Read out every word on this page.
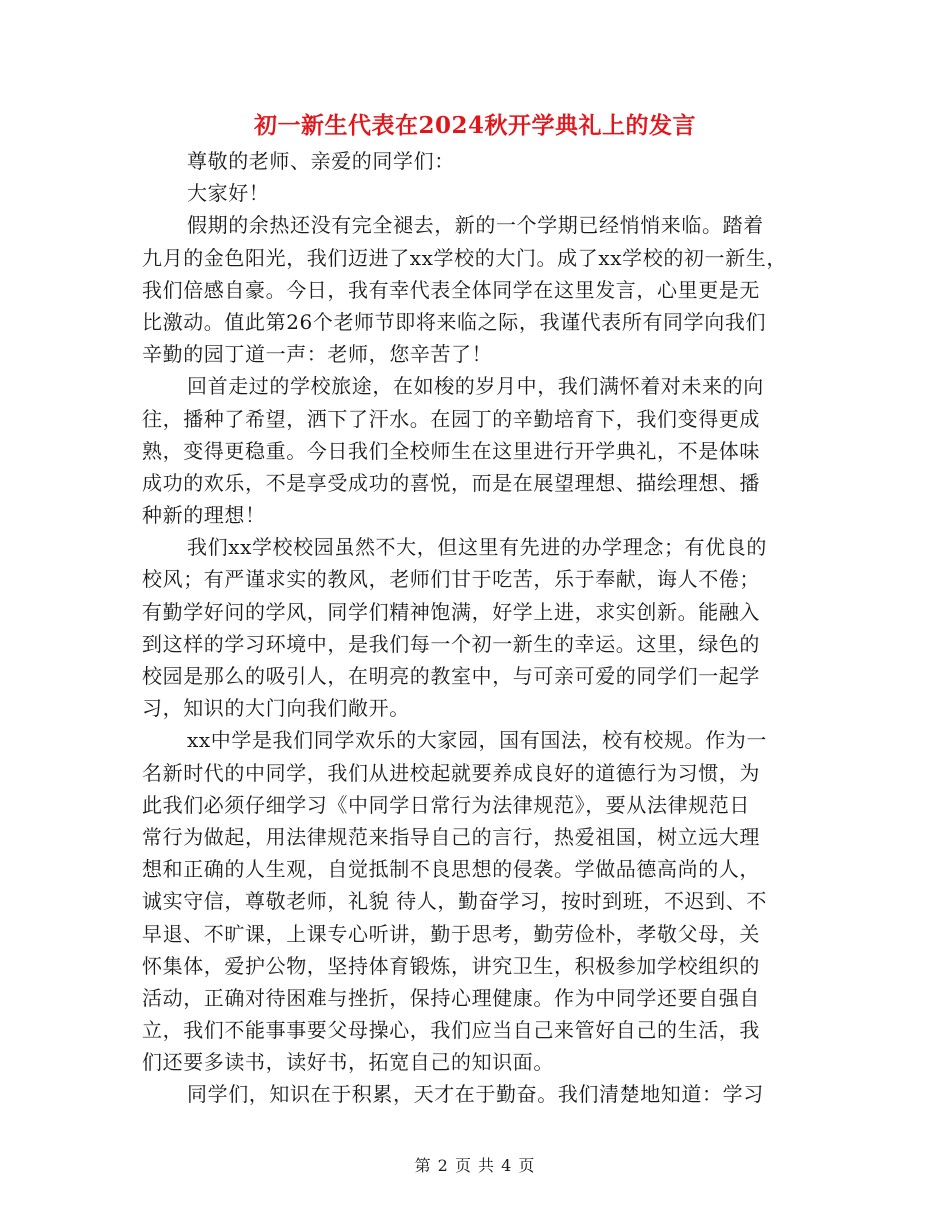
初一新生代表在2024秋开学典礼上的发言
尊敬的老师、亲爱的同学们：
大家好！
假期的余热还没有完全褪去，新的一个学期已经悄悄来临。踏着
九月的金色阳光，我们迈进了xx学校的大门。成了xx学校的初一新生，
我们倍感自豪。今日，我有幸代表全体同学在这里发言，心里更是无
比激动。值此第26个老师节即将来临之际，我谨代表所有同学向我们
辛勤的园丁道一声：老师，您辛苦了！
回首走过的学校旅途，在如梭的岁月中，我们满怀着对未来的向
往，播种了希望，洒下了汗水。在园丁的辛勤培育下，我们变得更成
熟，变得更稳重。今日我们全校师生在这里进行开学典礼，不是体味
成功的欢乐，不是享受成功的喜悦，而是在展望理想、描绘理想、播
种新的理想！
我们xx学校校园虽然不大，但这里有先进的办学理念；有优良的
校风；有严谨求实的教风，老师们甘于吃苦，乐于奉献，诲人不倦；
有勤学好问的学风，同学们精神饱满，好学上进，求实创新。能融入
到这样的学习环境中，是我们每一个初一新生的幸运。这里，绿色的
校园是那么的吸引人，在明亮的教室中，与可亲可爱的同学们一起学
习，知识的大门向我们敞开。
xx中学是我们同学欢乐的大家园，国有国法，校有校规。作为一
名新时代的中同学，我们从进校起就要养成良好的道德行为习惯，为
此我们必须仔细学习《中同学日常行为法律规范》，要从法律规范日
常行为做起，用法律规范来指导自己的言行，热爱祖国，树立远大理
想和正确的人生观，自觉抵制不良思想的侵袭。学做品德高尚的人，
诚实守信，尊敬老师，礼貌 待人，勤奋学习，按时到班，不迟到、不
早退、不旷课，上课专心听讲，勤于思考，勤劳俭朴，孝敬父母，关
怀集体，爱护公物，坚持体育锻炼，讲究卫生，积极参加学校组织的
活动，正确对待困难与挫折，保持心理健康。作为中同学还要自强自
立，我们不能事事要父母操心，我们应当自己来管好自己的生活，我
们还要多读书，读好书，拓宽自己的知识面。
同学们，知识在于积累，天才在于勤奋。我们清楚地知道：学习
第 2 页 共 4 页
